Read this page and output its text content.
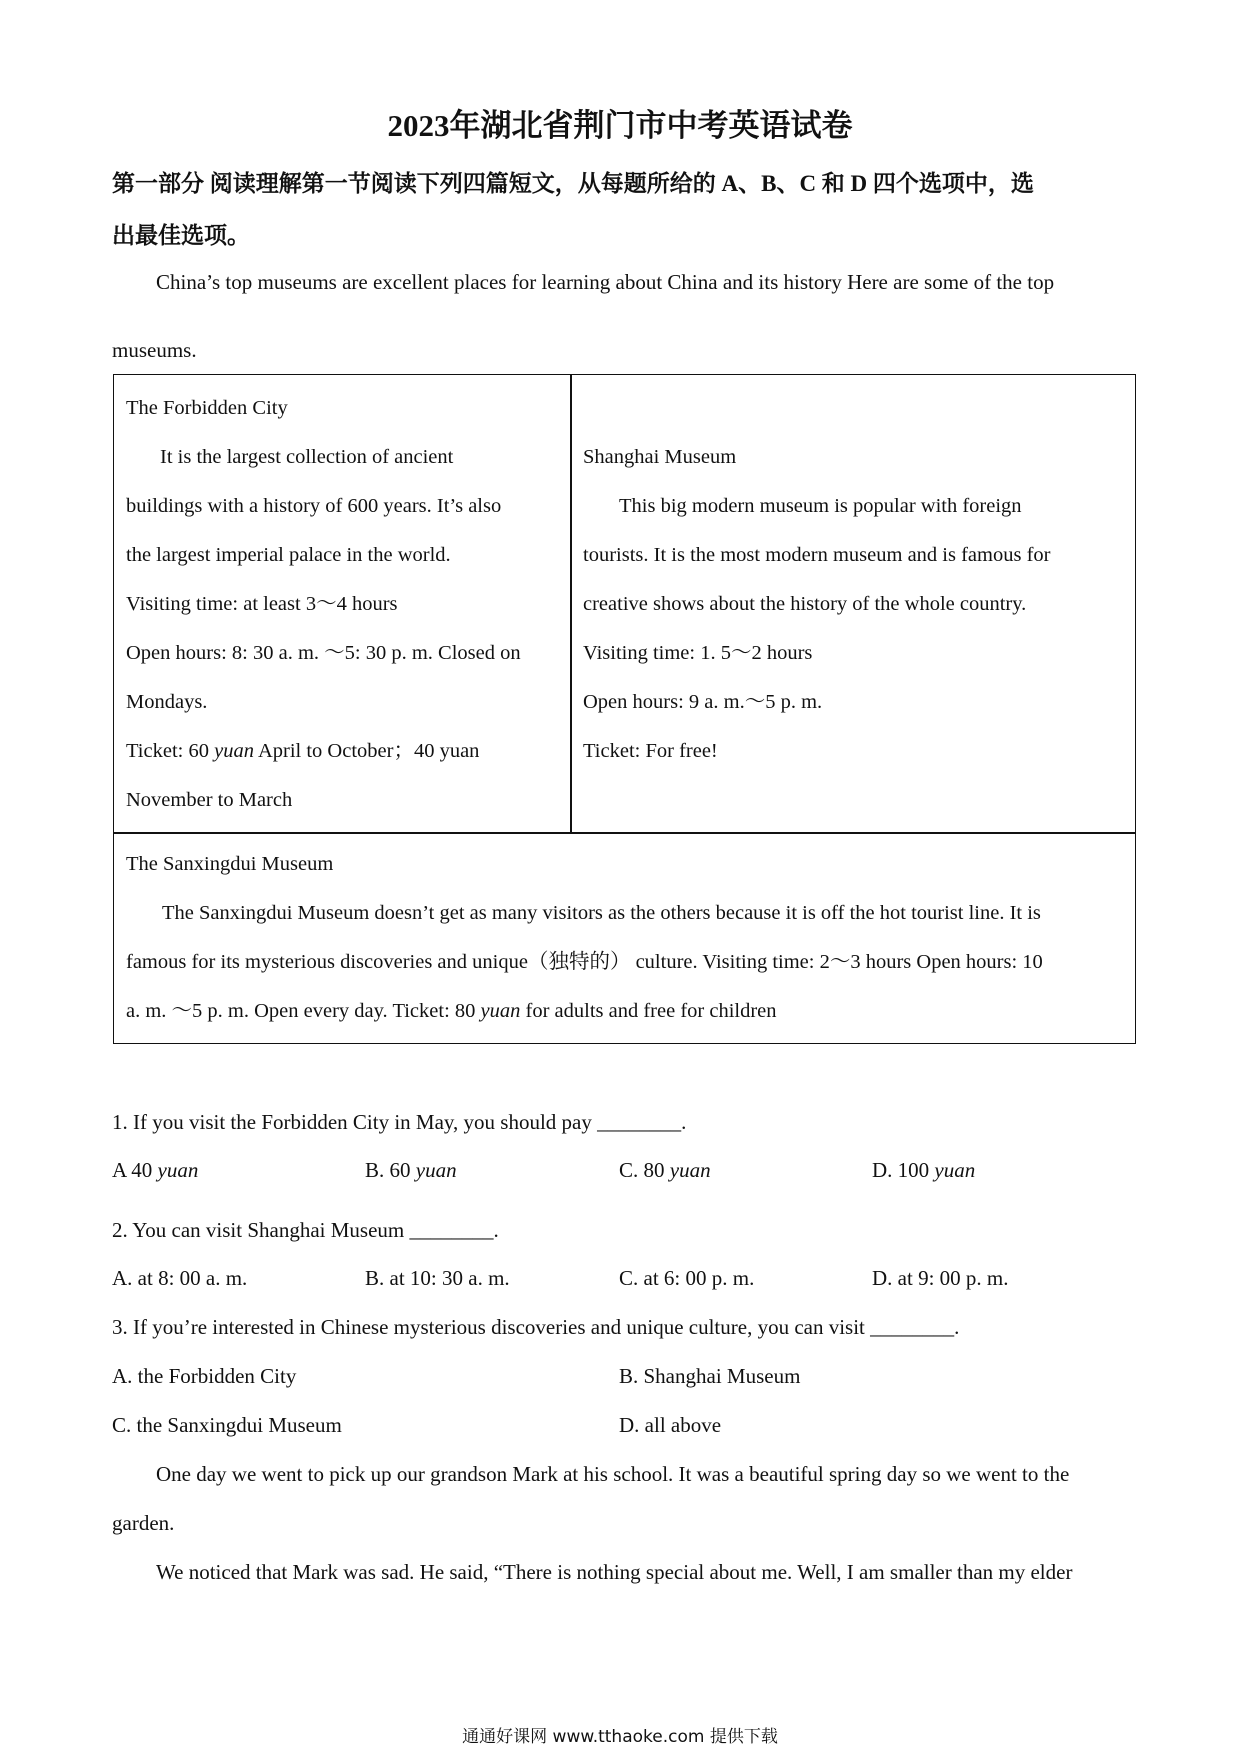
2023年湖北省荆门市中考英语试卷
第一部分 阅读理解第一节阅读下列四篇短文，从每题所给的 A、B、C 和 D 四个选项中，选
出最佳选项。
China’s top museums are excellent places for learning about China and its history Here are some of the top
museums.
The Forbidden City
It is the largest collection of ancient
buildings with a history of 600 years. It’s also
the largest imperial palace in the world.
Visiting time: at least 3～4 hours
Open hours: 8: 30 a. m. ～5: 30 p. m. Closed on
Mondays.
Ticket: 60 yuan April to October；40 yuan
November to March
Shanghai Museum
This big modern museum is popular with foreign
tourists. It is the most modern museum and is famous for
creative shows about the history of the whole country.
Visiting time: 1. 5～2 hours
Open hours: 9 a. m.～5 p. m.
Ticket: For free!
The Sanxingdui Museum
The Sanxingdui Museum doesn’t get as many visitors as the others because it is off the hot tourist line. It is
famous for its mysterious discoveries and unique（独特的） culture. Visiting time: 2～3 hours Open hours: 10
a. m. ～5 p. m. Open every day. Ticket: 80 yuan for adults and free for children
1. If you visit the Forbidden City in May, you should pay ________.
A 40 yuan	B. 60 yuan	C. 80 yuan	D. 100 yuan
2. You can visit Shanghai Museum ________.
A. at 8: 00 a. m.	B. at 10: 30 a. m.	C. at 6: 00 p. m.	D. at 9: 00 p. m.
3. If you’re interested in Chinese mysterious discoveries and unique culture, you can visit ________.
A. the Forbidden City	B. Shanghai Museum
C. the Sanxingdui Museum	D. all above
One day we went to pick up our grandson Mark at his school. It was a beautiful spring day so we went to the
garden.
We noticed that Mark was sad. He said, “There is nothing special about me. Well, I am smaller than my elder
通通好课网 www.tthaoke.com 提供下载
